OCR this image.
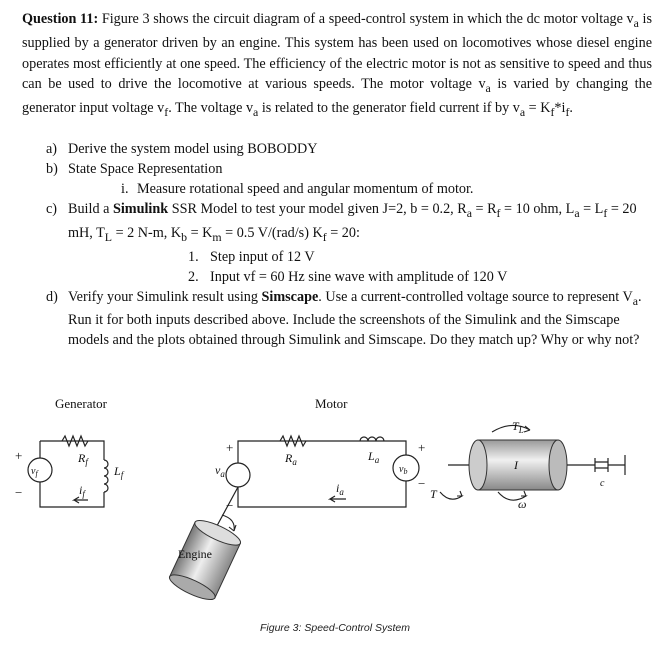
Question 11: Figure 3 shows the circuit diagram of a speed-control system in which the dc motor voltage $v_a$ is supplied by a generator driven by an engine. This system has been used on locomotives whose diesel engine operates most efficiently at one speed. The efficiency of the electric motor is not as sensitive to speed and thus can be used to drive the locomotive at various speeds. The motor voltage $v_a$ is varied by changing the generator input voltage $v_f$. The voltage $v_a$ is related to the generator field current if by $v_a = K_f*i_f$.
a) Derive the system model using BOBODDY
b) State Space Representation
i. Measure rotational speed and angular momentum of motor.
c) Build a Simulink SSR Model to test your model given J=2, b = 0.2, $R_a = R_f = 10$ ohm, $L_a = L_f = 20$ mH, $T_L = 2$ N-m, $K_b = K_m = 0.5$ V/(rad/s) $K_f = 20$:
1. Step input of 12 V
2. Input vf = 60 Hz sine wave with amplitude of 120 V
d) Verify your Simulink result using Simscape. Use a current-controlled voltage source to represent $V_a$. Run it for both inputs described above. Include the screenshots of the Simulink and the Simscape models and the plots obtained through Simulink and Simscape. Do they match up? Why or why not?
Generator	Motor
+
−
+
−
+
−
$R_f$
$L_f$
$v_f$
$i_f$
$v_a$
$R_a$	$L_a$
$i_a$
$v_b$
$T_L$
I
c
T
ω
Engine
Figure 3: Speed-Control System
